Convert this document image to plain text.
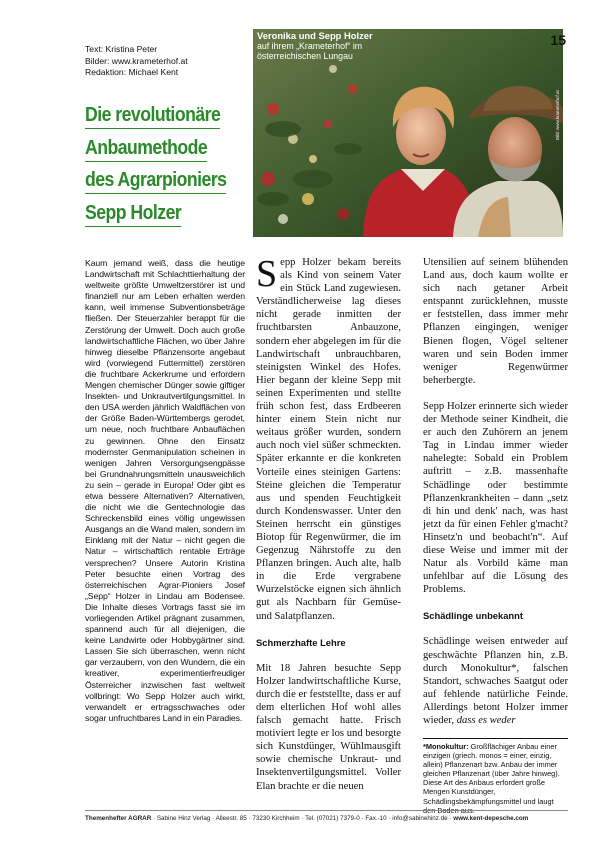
Text: Kristina Peter
Bilder: www.krameterhof.at
Redaktion: Michael Kent
Die revolutionäre
Anbaumethode
des Agrarpioniers
Sepp Holzer
Veronika und Sepp Holzer
auf ihrem „Krameterhof“ im österreichischen Lungau
15
Bild: www.krameterhof.at
Kaum jemand weiß, dass die heutige Landwirtschaft mit Schlachttierhaltung der weltweite größte Umweltzerstörer ist und finanziell nur am Leben erhalten werden kann, weil immense Subventionsbeträge fließen. Der Steuerzahler berappt für die Zerstörung der Umwelt. Doch auch große landwirtschaftliche Flächen, wo über Jahre hinweg dieselbe Pflanzensorte angebaut wird (vorwiegend Futtermittel) zerstören die fruchtbare Ackerkrume und erfordern Mengen chemischer Dünger sowie giftiger Insekten- und Unkrautvertilgungsmittel. In den USA werden jährlich Waldflächen von der Größe Baden-Württembergs gerodet, um neue, noch fruchtbare Anbauflächen zu gewinnen. Ohne den Einsatz modernster Genmanipulation scheinen in wenigen Jahren Versorgungsengpässe bei Grundnahrungsmitteln unausweichlich zu sein – gerade in Europa! Oder gibt es etwa bessere Alternativen? Alternativen, die nicht wie die Gentechnologie das Schreckensbild eines völlig ungewissen Ausgangs an die Wand malen, sondern im Einklang mit der Natur – nicht gegen die Natur – wirtschaftlich rentable Erträge versprechen? Unsere Autorin Kristina Peter besuchte einen Vortrag des österreichischen Agrar-Pioniers Josef „Sepp“ Holzer in Lindau am Bodensee. Die Inhalte dieses Vortrags fasst sie im vorliegenden Artikel prägnant zusammen, spannend auch für all diejenigen, die keine Landwirte oder Hobbygärtner sind. Lassen Sie sich überraschen, wenn nicht gar verzaubern, von den Wundern, die ein kreativer, experimentierfreudiger Österreicher inzwischen fast weltweit vollbringt: Wo Sepp Holzer auch wirkt, verwandelt er ertragsschwaches oder sogar unfruchtbares Land in ein Paradies.

Sepp Holzer bekam bereits als Kind von seinem Vater ein Stück Land zugewiesen. Verständlicherweise lag dieses nicht gerade inmitten der fruchtbarsten Anbauzone, sondern eher abgelegen im für die Landwirtschaft unbrauchbaren, steinigsten Winkel des Hofes. Hier begann der kleine Sepp mit seinen Experimenten und stellte früh schon fest, dass Erdbeeren hinter einem Stein nicht nur weitaus größer wurden, sondern auch noch viel süßer schmeckten. Später erkannte er die konkreten Vorteile eines steinigen Gartens: Steine gleichen die Temperatur aus und spenden Feuchtigkeit durch Kondenswasser. Unter den Steinen herrscht ein günstiges Biotop für Regenwürmer, die im Gegenzug Nährstoffe zu den Pflanzen bringen. Auch alte, halb in die Erde vergrabene Wurzelstöcke eignen sich ähnlich gut als Nachbarn für Gemüse- und Salatpflanzen.

Schmerzhafte Lehre

Mit 18 Jahren besuchte Sepp Holzer landwirtschaftliche Kurse, durch die er feststellte, dass er auf dem elterlichen Hof wohl alles falsch gemacht hatte. Frisch motiviert legte er los und besorgte sich Kunstdünger, Wühlmausgift sowie chemische Unkraut- und Insektenvertilgungsmittel. Voller Elan brachte er die neuen

Utensilien auf seinem blühenden Land aus, doch kaum wollte er sich nach getaner Arbeit entspannt zurücklehnen, musste er feststellen, dass immer mehr Pflanzen eingingen, weniger Bienen flogen, Vögel seltener waren und sein Boden immer weniger Regenwürmer beherbergte.

Sepp Holzer erinnerte sich wieder der Methode seiner Kindheit, die er auch den Zuhörern an jenem Tag in Lindau immer wieder nahelegte: Sobald ein Problem auftritt – z.B. massenhafte Schädlinge oder bestimmte Pflanzenkrankheiten – dann „setz di hin und denk' nach, was hast jetzt da für einen Fehler g'macht? Hinsetz'n und beobacht'n“. Auf diese Weise und immer mit der Natur als Vorbild käme man unfehlbar auf die Lösung des Problems.

Schädlinge unbekannt

Schädlinge weisen entweder auf geschwächte Pflanzen hin, z.B. durch Monokultur*, falschen Standort, schwaches Saatgut oder auf fehlende natürliche Feinde. Allerdings betont Holzer immer wieder, dass es weder

*Monokultur: Großflächiger Anbau einer einzigen (griech. monos = einer, einzig, allein) Pflanzenart bzw. Anbau der immer gleichen Pflanzenart (über Jahre hinweg). Diese Art des Anbaus erfordert große Mengen Kunstdünger, Schädlingsbekämpfungsmittel und laugt den Boden aus.
Themenhefter AGRAR · Sabine Hinz Verlag · Alleestr. 85 · 73230 Kirchheim · Tel. (07021) 7379-0 · Fax.-10 · info@sabinehinz.de · www.kent-depesche.com
